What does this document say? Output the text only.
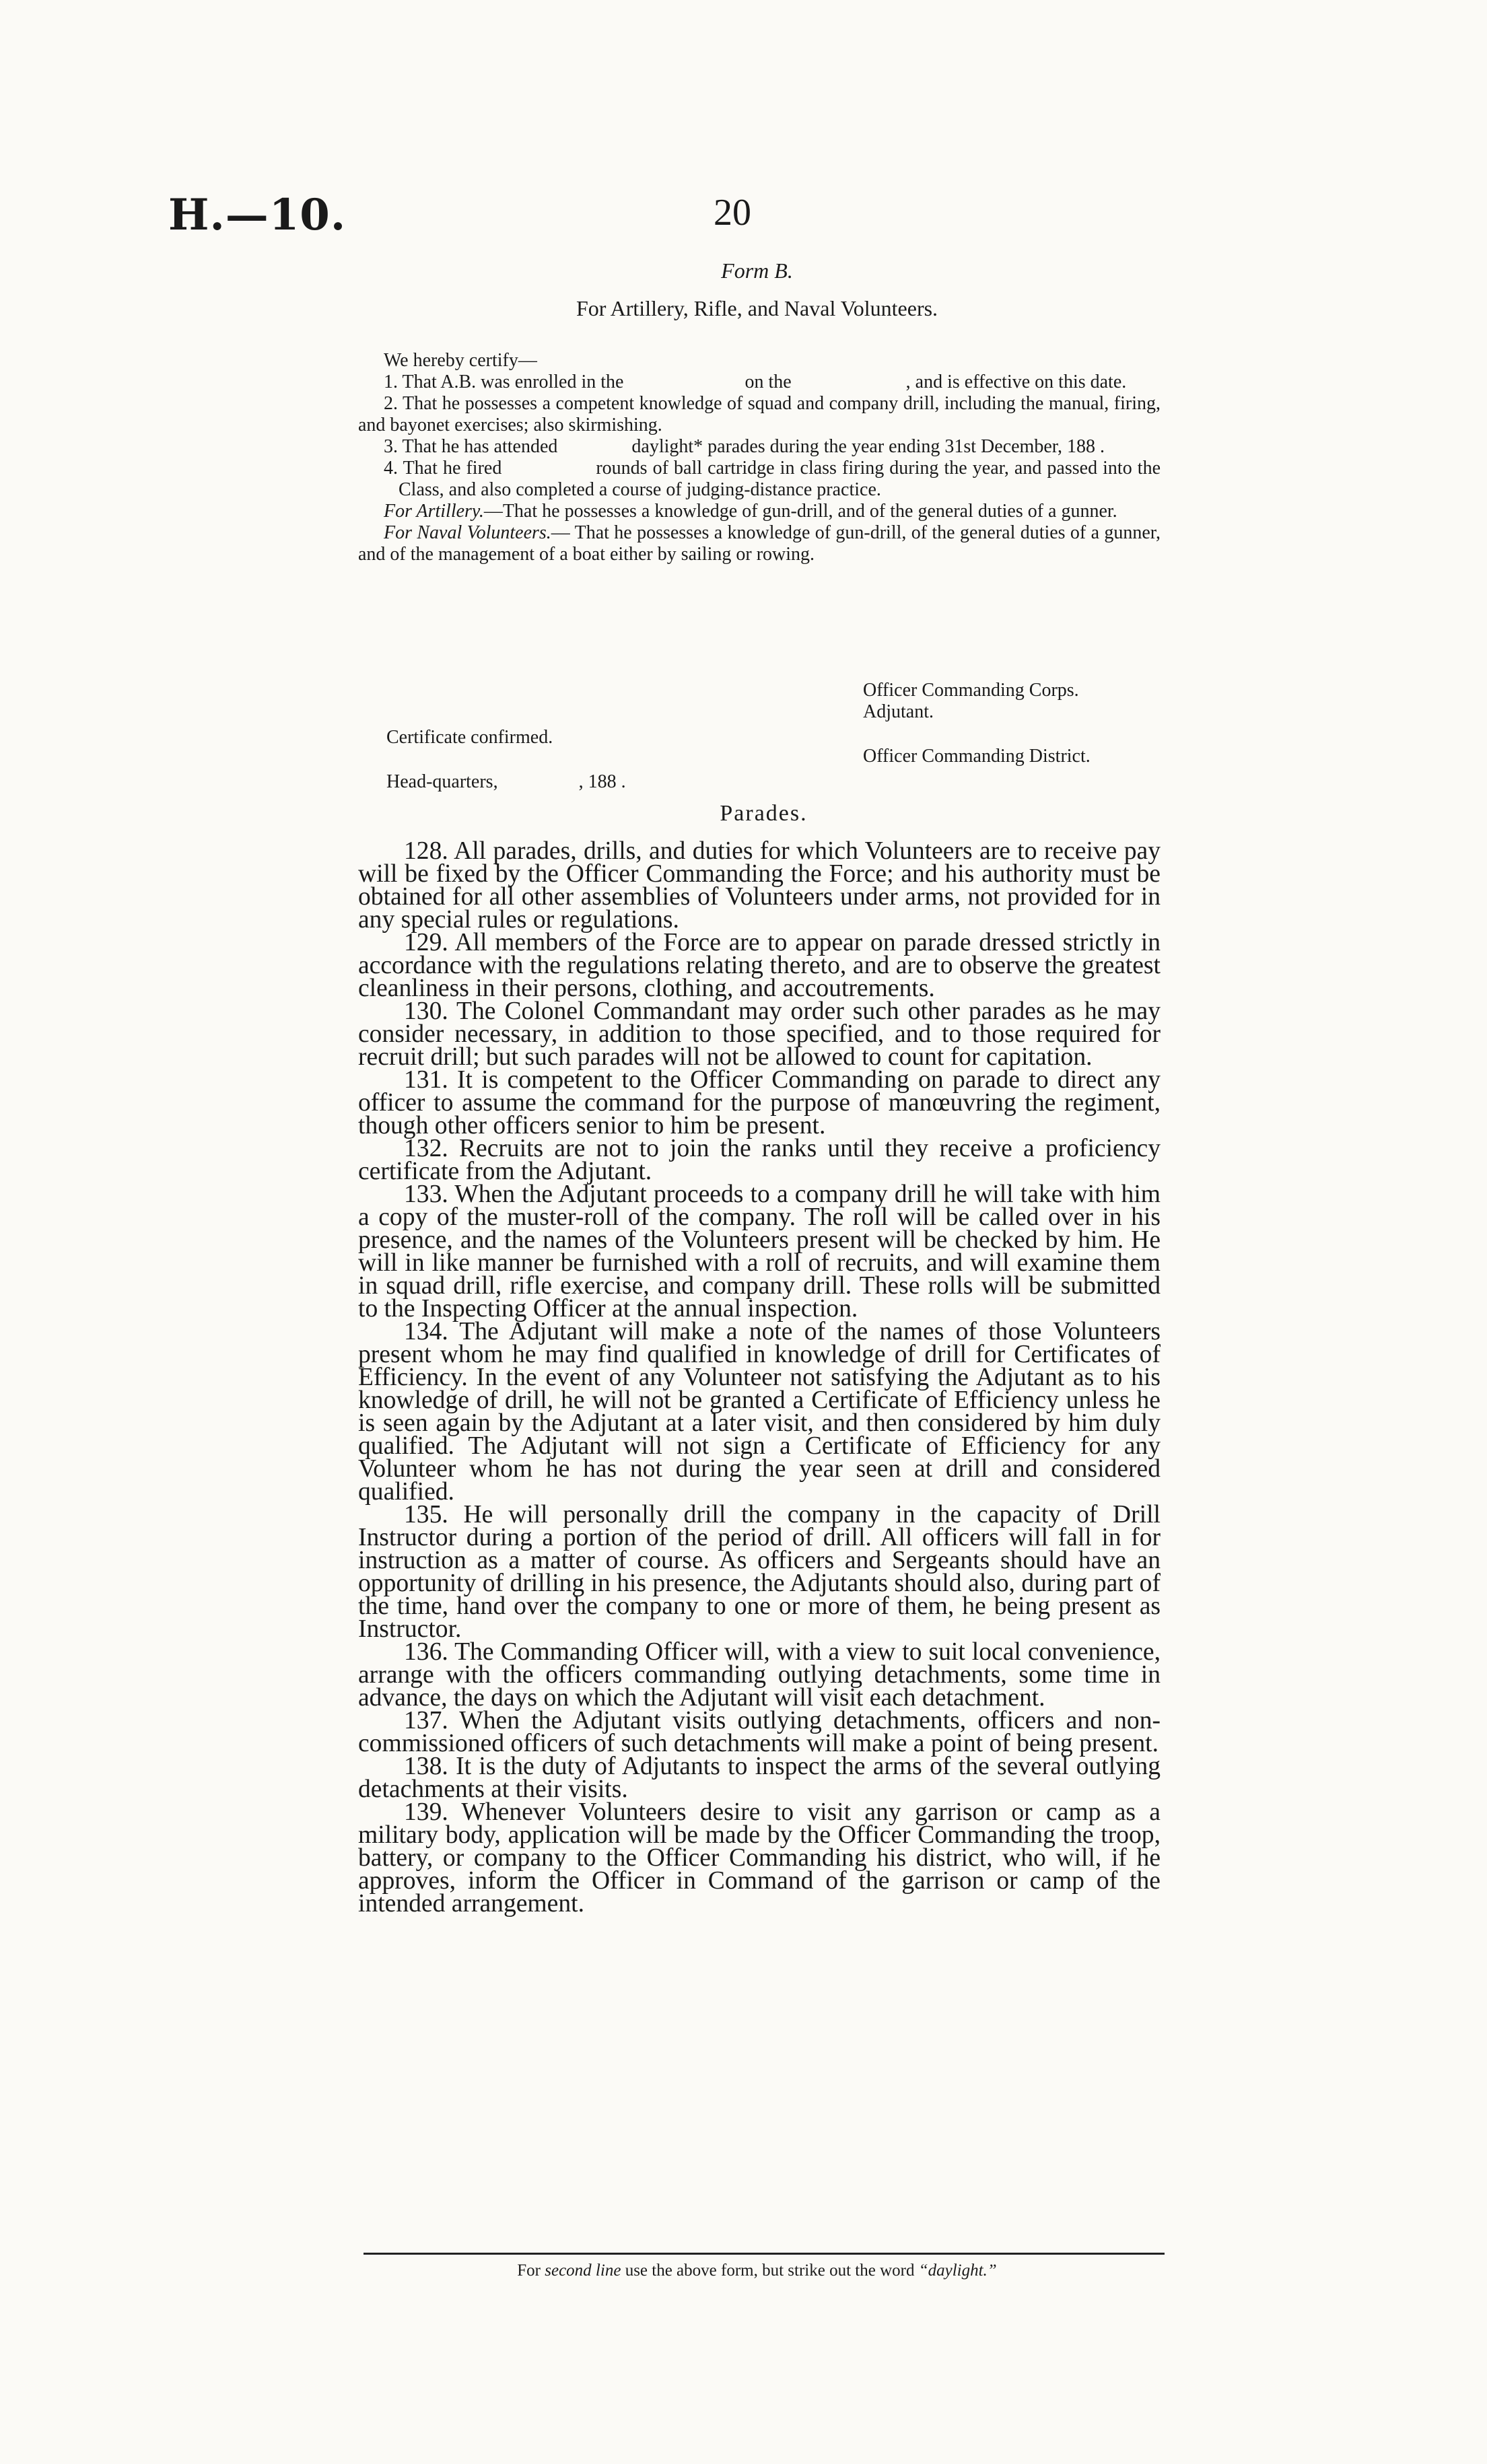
H.—10.	20
Form B.
For Artillery, Rifle, and Naval Volunteers.

We hereby certify—

1. That A.B. was enrolled in the	on the	, and is effective on this date.

2. That he possesses a competent knowledge of squad and company drill, including the manual, firing, and bayonet exercises; also skirmishing.

3. That he has attended	daylight* parades during the year ending 31st December, 188 .

4. That he fired	rounds of ball cartridge in class firing during the year, and passed into theClass, and also completed a course of judging-distance practice.

For Artillery.—That he possesses a knowledge of gun-drill, and of the general duties of a gunner.

For Naval Volunteers.— That he possesses a knowledge of gun-drill, of the general duties of a gunner, and of the management of a boat either by sailing or rowing.

Officer Commanding Corps.
Adjutant.
Certificate confirmed.
Officer Commanding District.
Head-quarters,	, 188 .
Parades.

128. All parades, drills, and duties for which Volunteers are to receive pay will be fixed by the Officer Commanding the Force; and his authority must be obtained for all other assemblies of Volunteers under arms, not provided for in any special rules or regulations.

129. All members of the Force are to appear on parade dressed strictly in accordance with the regulations relating thereto, and are to observe the greatest cleanliness in their persons, clothing, and accoutrements.

130. The Colonel Commandant may order such other parades as he may consider necessary, in addition to those specified, and to those required for recruit drill; but such parades will not be allowed to count for capitation.

131. It is competent to the Officer Commanding on parade to direct any officer to assume the command for the purpose of manœuvring the regiment, though other officers senior to him be present.

132. Recruits are not to join the ranks until they receive a proficiency certificate from the Adjutant.

133. When the Adjutant proceeds to a company drill he will take with him a copy of the muster-roll of the company. The roll will be called over in his presence, and the names of the Volunteers present will be checked by him. He will in like manner be furnished with a roll of recruits, and will examine them in squad drill, rifle exercise, and company drill. These rolls will be submitted to the Inspecting Officer at the annual inspection.

134. The Adjutant will make a note of the names of those Volunteers present whom he may find qualified in knowledge of drill for Certificates of Efficiency. In the event of any Volunteer not satisfying the Adjutant as to his knowledge of drill, he will not be granted a Certificate of Efficiency unless he is seen again by the Adjutant at a later visit, and then considered by him duly qualified. The Adjutant will not sign a Certificate of Efficiency for any Volunteer whom he has not during the year seen at drill and considered qualified.

135. He will personally drill the company in the capacity of Drill Instructor during a portion of the period of drill. All officers will fall in for instruction as a matter of course. As officers and Sergeants should have an opportunity of drilling in his presence, the Adjutants should also, during part of the time, hand over the company to one or more of them, he being present as Instructor.

136. The Commanding Officer will, with a view to suit local convenience, arrange with the officers commanding outlying detachments, some time in advance, the days on which the Adjutant will visit each detachment.

137. When the Adjutant visits outlying detachments, officers and non-commissioned officers of such detachments will make a point of being present.

138. It is the duty of Adjutants to inspect the arms of the several outlying detachments at their visits.

139. Whenever Volunteers desire to visit any garrison or camp as a military body, application will be made by the Officer Commanding the troop, battery, or company to the Officer Commanding his district, who will, if he approves, inform the Officer in Command of the garrison or camp of the intended arrangement.

For second line use the above form, but strike out the word “daylight.”
